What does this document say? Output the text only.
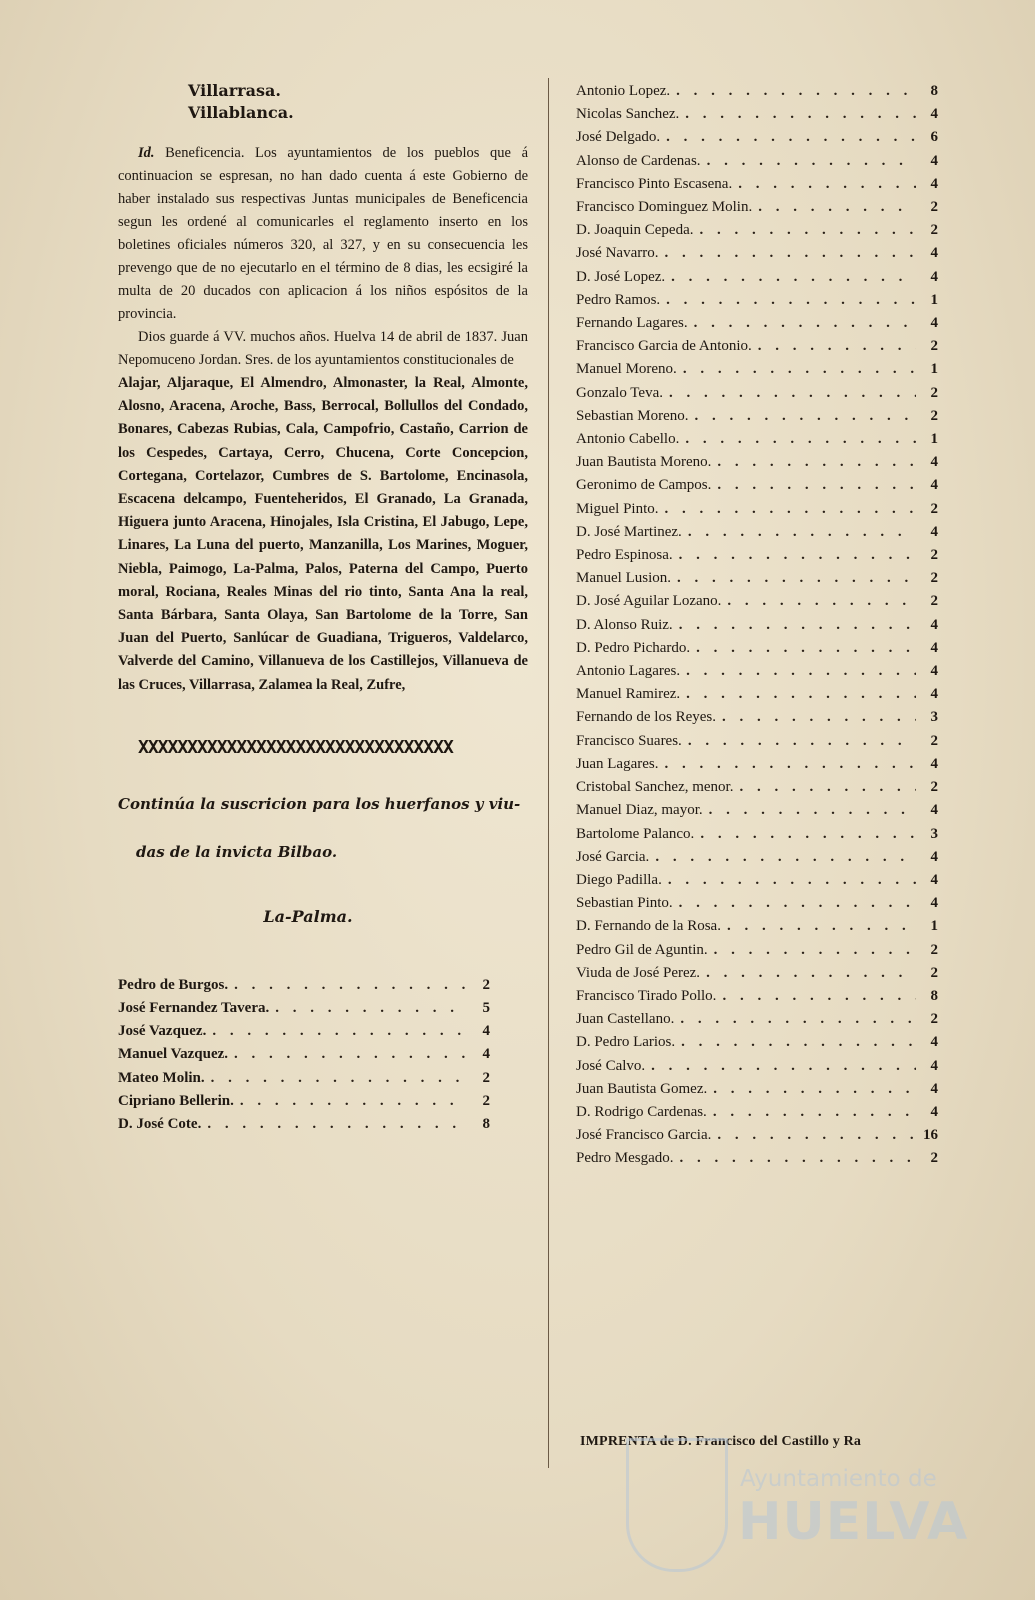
Villarrasa.
Villablanca.

Id. Beneficencia. Los ayuntamientos de los pueblos que á continuacion se espresan, no han dado cuenta á este Gobierno de haber instalado sus respectivas Juntas municipales de Beneficencia segun les ordené al comunicarles el reglamento inserto en los boletines oficiales números 320, al 327, y en su consecuencia les prevengo que de no ejecutarlo en el término de 8 dias, les ecsigiré la multa de 20 ducados con aplicacion á los niños espósitos de la provincia.

Dios guarde á VV. muchos años. Huelva 14 de abril de 1837. Juan Nepomuceno Jordan. Sres. de los ayuntamientos constitucionales de

Alajar, Aljaraque, El Almendro, Almonaster, la Real, Almonte, Alosno, Aracena, Aroche, Bass, Berrocal, Bollullos del Condado, Bonares, Cabezas Rubias, Cala, Campofrio, Castaño, Carrion de los Cespedes, Cartaya, Cerro, Chucena, Corte Concepcion, Cortegana, Cortelazor, Cumbres de S. Bartolome, Encinasola, Escacena delcampo, Fuenteheridos, El Granado, La Granada, Higuera junto Aracena, Hinojales, Isla Cristina, El Jabugo, Lepe, Linares, La Luna del puerto, Manzanilla, Los Marines, Moguer, Niebla, Paimogo, La-Palma, Palos, Paterna del Campo, Puerto moral, Rociana, Reales Minas del rio tinto, Santa Ana la real, Santa Bárbara, Santa Olaya, San Bartolome de la Torre, San Juan del Puerto, Sanlúcar de Guadiana, Trigueros, Valdelarco, Valverde del Camino, Villanueva de los Castillejos, Villanueva de las Cruces, Villarrasa, Zalamea la Real, Zufre,

XXXXXXXXXXXXXXXXXXXXXXXXXXXXXXXX
Continúa la suscricion para los huerfanos y viu-
das de la invicta Bilbao.
La-Palma.
Pedro de Burgos. . . .	2
José Fernandez Tavera. . . .	5
José Vazquez. . . .	4
Manuel Vazquez. . . .	4
Mateo Molin. . . .	2
Cipriano Bellerin. . . .	2
D. José Cote. . . .	8
Antonio Lopez. . . .	8
Nicolas Sanchez. . . .	4
José Delgado. . . .	6
Alonso de Cardenas. . . .	4
Francisco Pinto Escasena. . . .	4
Francisco Dominguez Molin. . . .	2
D. Joaquin Cepeda. . . .	2
José Navarro. . . .	4
D. José Lopez. . . .	4
Pedro Ramos. . . .	1
Fernando Lagares. . . .	4
Francisco Garcia de Antonio. . . .	2
Manuel Moreno. . . .	1
Gonzalo Teva. . . .	2
Sebastian Moreno. . . .	2
Antonio Cabello. . . .	1
Juan Bautista Moreno. . . .	4
Geronimo de Campos. . . .	4
Miguel Pinto. . . .	2
D. José Martinez. . . .	4
Pedro Espinosa. . . .	2
Manuel Lusion. . . .	2
D. José Aguilar Lozano. . . .	2
D. Alonso Ruiz. . . .	4
D. Pedro Pichardo. . . .	4
Antonio Lagares. . . .	4
Manuel Ramirez. . . .	4
Fernando de los Reyes. . . .	3
Francisco Suares. . . .	2
Juan Lagares. . . .	4
Cristobal Sanchez, menor. . . .	2
Manuel Diaz, mayor. . . .	4
Bartolome Palanco. . . .	3
José Garcia. . . .	4
Diego Padilla. . . .	4
Sebastian Pinto. . . .	4
D. Fernando de la Rosa. . . .	1
Pedro Gil de Aguntin. . . .	2
Viuda de José Perez. . . .	2
Francisco Tirado Pollo. . . .	8
Juan Castellano. . . .	2
D. Pedro Larios. . . .	4
José Calvo. . . .	4
Juan Bautista Gomez. . . .	4
D. Rodrigo Cardenas. . . .	4
José Francisco Garcia. . . .	16
Pedro Mesgado. . . .	2
IMPRENTA de D. Francisco del Castillo y Ra
Ayuntamiento de
HUELVA
